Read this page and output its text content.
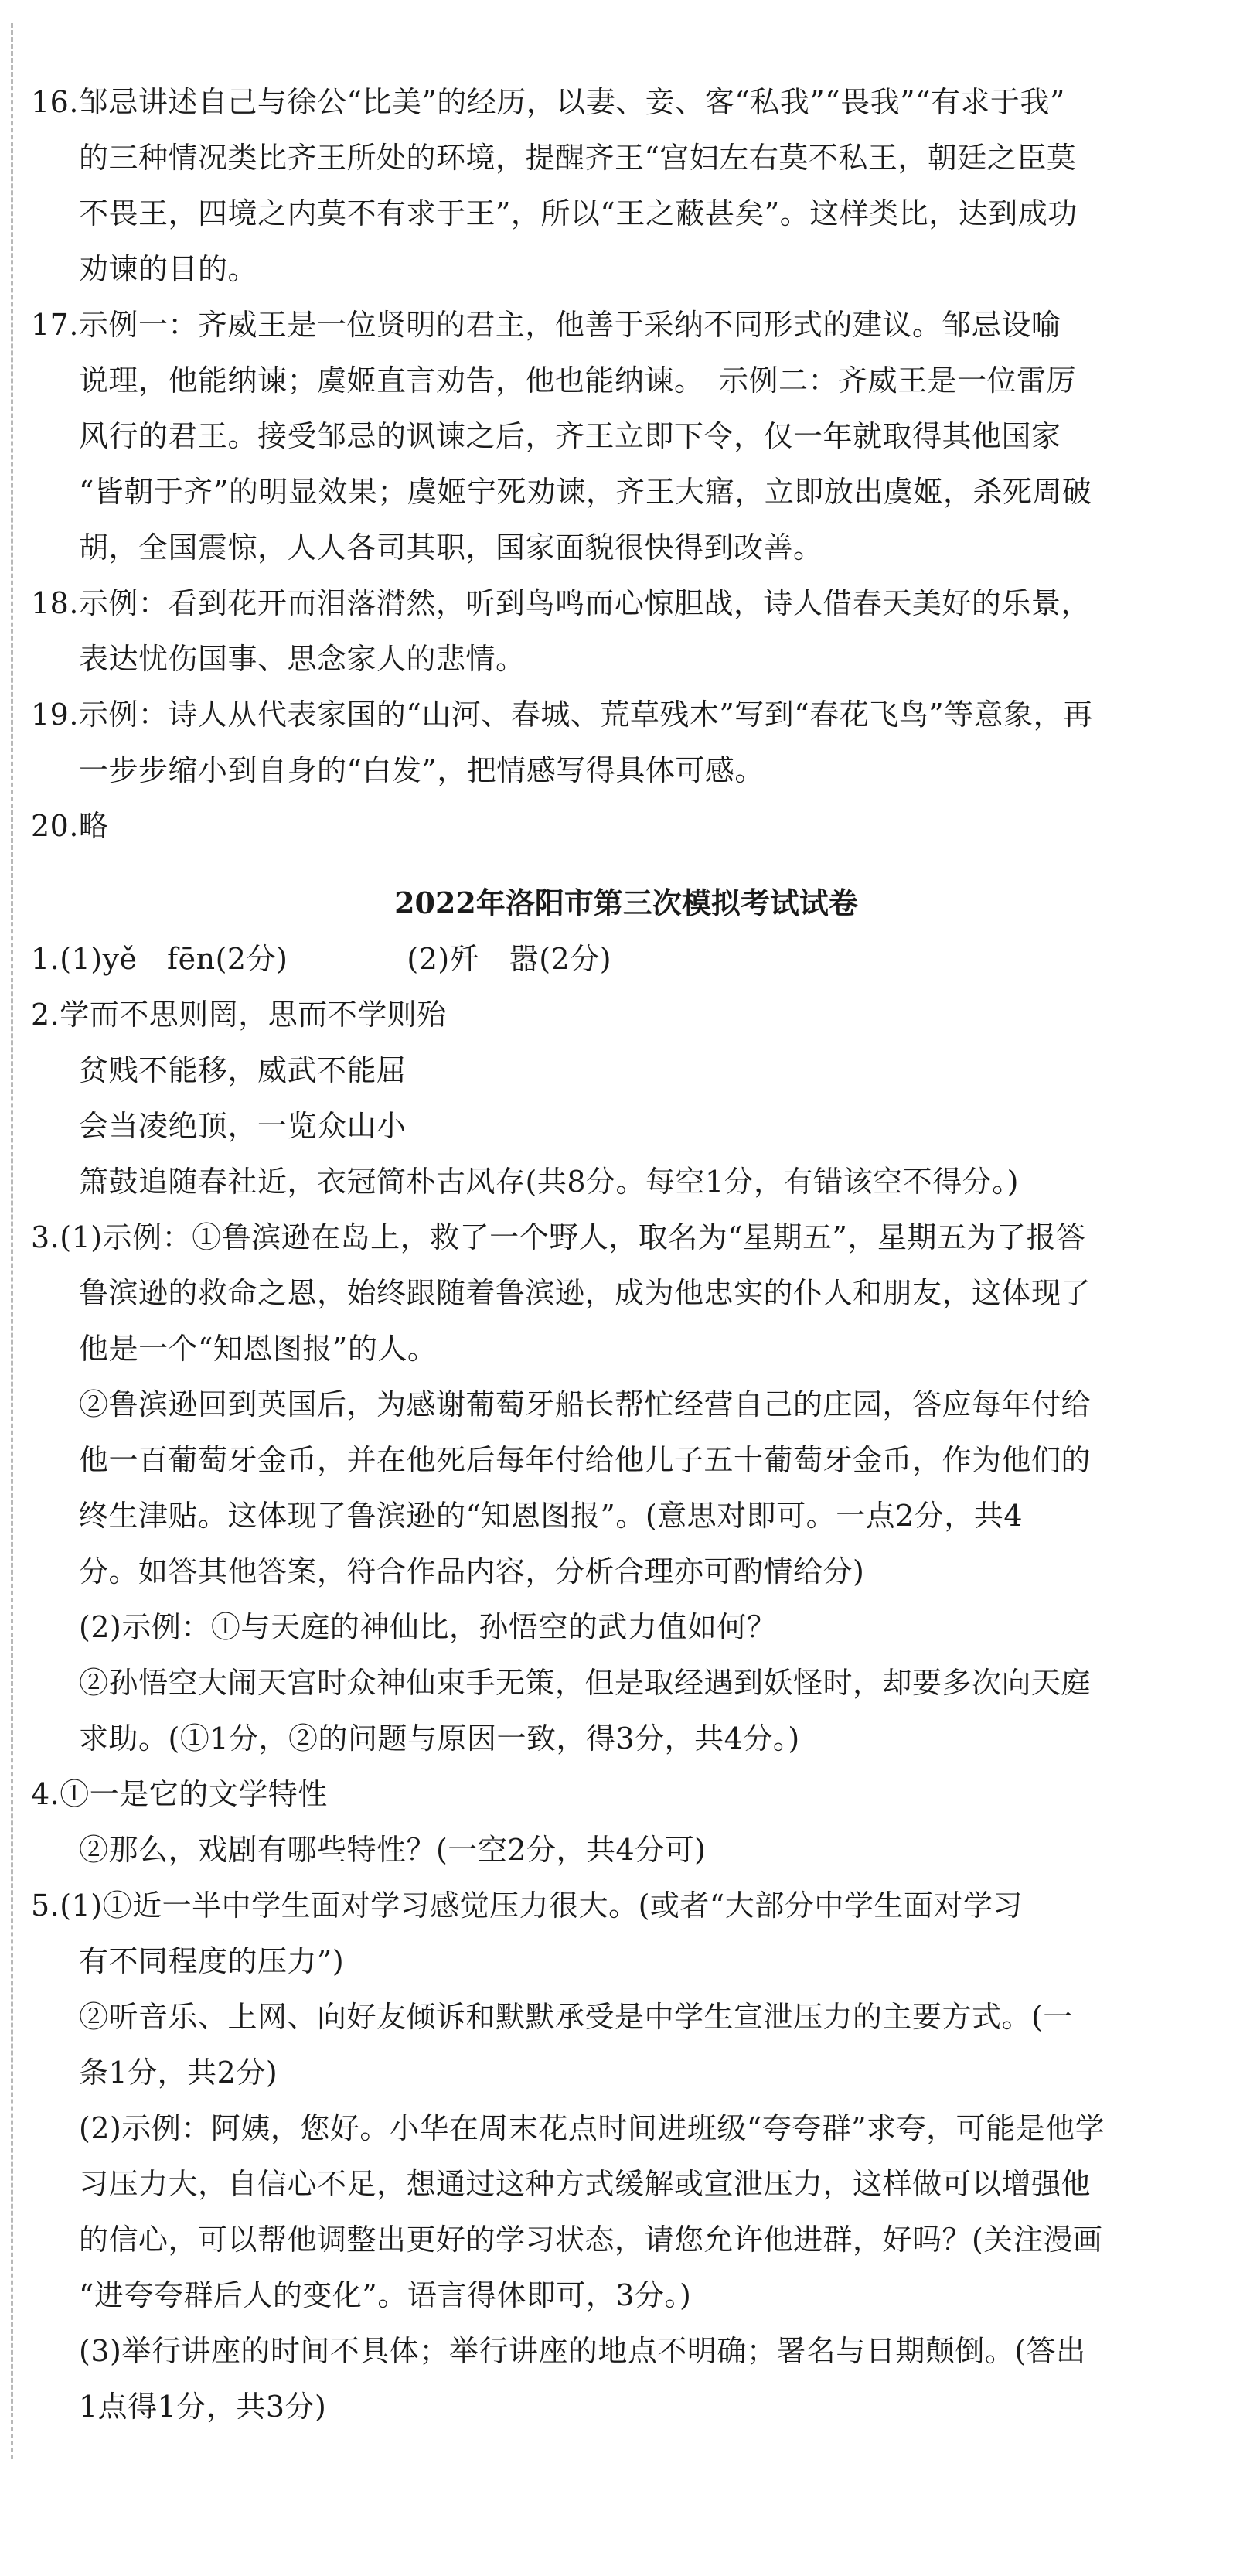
16.邹忌讲述自己与徐公“比美”的经历，以妻、妾、客“私我”“畏我”“有求于我”
的三种情况类比齐王所处的环境，提醒齐王“宫妇左右莫不私王，朝廷之臣莫
不畏王，四境之内莫不有求于王”，所以“王之蔽甚矣”。这样类比，达到成功
劝谏的目的。
17.示例一：齐威王是一位贤明的君主，他善于采纳不同形式的建议。邹忌设喻
说理，他能纳谏；虞姬直言劝告，他也能纳谏。　示例二：齐威王是一位雷厉
风行的君王。接受邹忌的讽谏之后，齐王立即下令，仅一年就取得其他国家
“皆朝于齐”的明显效果；虞姬宁死劝谏，齐王大寤，立即放出虞姬，杀死周破
胡，全国震惊，人人各司其职，国家面貌很快得到改善。
18.示例：看到花开而泪落潸然，听到鸟鸣而心惊胆战，诗人借春天美好的乐景，
表达忧伤国事、思念家人的悲情。
19.示例：诗人从代表家国的“山河、春城、荒草残木”写到“春花飞鸟”等意象，再
一步步缩小到自身的“白发”，把情感写得具体可感。
20.略
2022年洛阳市第三次模拟考试试卷
1.(1)yě　fēn(2分)　　　　(2)歼　嚣(2分)
2.学而不思则罔，思而不学则殆
贫贱不能移，威武不能屈
会当凌绝顶，一览众山小
箫鼓追随春社近，衣冠简朴古风存(共8分。每空1分，有错该空不得分。)
3.(1)示例：①鲁滨逊在岛上，救了一个野人，取名为“星期五”，星期五为了报答
鲁滨逊的救命之恩，始终跟随着鲁滨逊，成为他忠实的仆人和朋友，这体现了
他是一个“知恩图报”的人。
②鲁滨逊回到英国后，为感谢葡萄牙船长帮忙经营自己的庄园，答应每年付给
他一百葡萄牙金币，并在他死后每年付给他儿子五十葡萄牙金币，作为他们的
终生津贴。这体现了鲁滨逊的“知恩图报”。(意思对即可。一点2分，共4
分。如答其他答案，符合作品内容，分析合理亦可酌情给分)
(2)示例：①与天庭的神仙比，孙悟空的武力值如何？
②孙悟空大闹天宫时众神仙束手无策，但是取经遇到妖怪时，却要多次向天庭
求助。(①1分，②的问题与原因一致，得3分，共4分。)
4.①一是它的文学特性
②那么，戏剧有哪些特性？(一空2分，共4分可)
5.(1)①近一半中学生面对学习感觉压力很大。(或者“大部分中学生面对学习
有不同程度的压力”)
②听音乐、上网、向好友倾诉和默默承受是中学生宣泄压力的主要方式。(一
条1分，共2分)
(2)示例：阿姨，您好。小华在周末花点时间进班级“夸夸群”求夸，可能是他学
习压力大，自信心不足，想通过这种方式缓解或宣泄压力，这样做可以增强他
的信心，可以帮他调整出更好的学习状态，请您允许他进群，好吗？(关注漫画
“进夸夸群后人的变化”。语言得体即可，3分。)
(3)举行讲座的时间不具体；举行讲座的地点不明确；署名与日期颠倒。(答出
1点得1分，共3分)
